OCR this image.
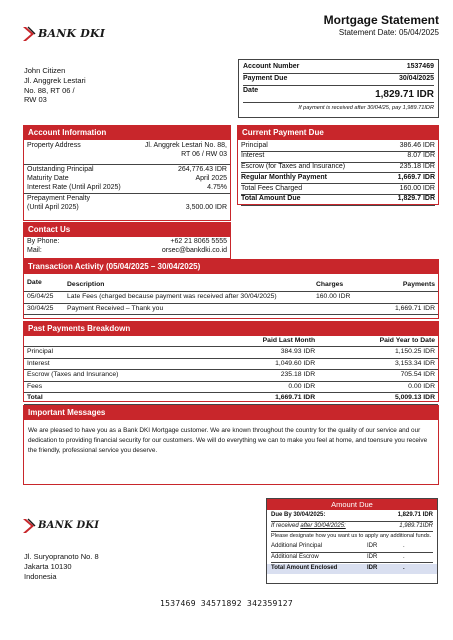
BANK DKI
Mortgage Statement
Statement Date: 05/04/2025
John Citizen
Jl. Anggrek Lestari
No. 88, RT 06 /
RW 03
Account Number	1537469
Payment Due	30/04/2025
Date	1,829.71 IDR
If payment is received after 30/04/25, pay 1,989.71IDR
Account Information
Property Address	Jl. Anggrek Lestari No. 88,
RT 06 / RW 03
Outstanding Principal	264,776.43 IDR
Maturity Date	April 2025
Interest Rate (Until April 2025)	4.75%
Prepayment Penalty
(Until April 2025)	3,500.00 IDR
Contact Us
By Phone:	+62 21 8065 5555
Mail:	orsec@bankdki.co.id
Current Payment Due
Principal	386.46 IDR
Interest	8.07 IDR
Escrow (for Taxes and Insurance)	235.18 IDR
Regular Monthly Payment	1,669.7 IDR
Total Fees Charged	160.00 IDR
Total Amount Due	1,829.7 IDR
Transaction Activity (05/04/2025 – 30/04/2025)
Date	Description	Charges	Payments
05/04/25	Late Fees (charged because payment was received after 30/04/2025)	160.00 IDR	
30/04/25	Payment Received – Thank you		1,669.71 IDR
Past Payments Breakdown
	Paid Last Month	Paid Year to Date
Principal	384.93 IDR	1,150.25 IDR
Interest	1,049.60 IDR	3,153.34 IDR
Escrow (Taxes and Insurance)	235.18 IDR	705.54 IDR
Fees	0.00 IDR	0.00 IDR
Total	1,669.71 IDR	5,009.13 IDR
Important Messages

We are pleased to have you as a Bank DKI Mortgage customer. We are known throughout the country for the quality of our service and our dedication to providing financial security for our customers. We will do everything we can to make you feel at home, and toensure you receive the friendly, professional service you deserve.

Amount Due
Due By 30/04/2025:	1,829.71 IDR
If received after 30/04/2025:	1,989.71IDR
Please designate how you want us to apply any additional funds.
Additional Principal	IDR	.
Additional Escrow	IDR	.
Total Amount Enclosed	IDR	.
BANK DKI
Jl. Suryopranoto No. 8
Jakarta 10130
Indonesia
1537469 34571892 342359127
